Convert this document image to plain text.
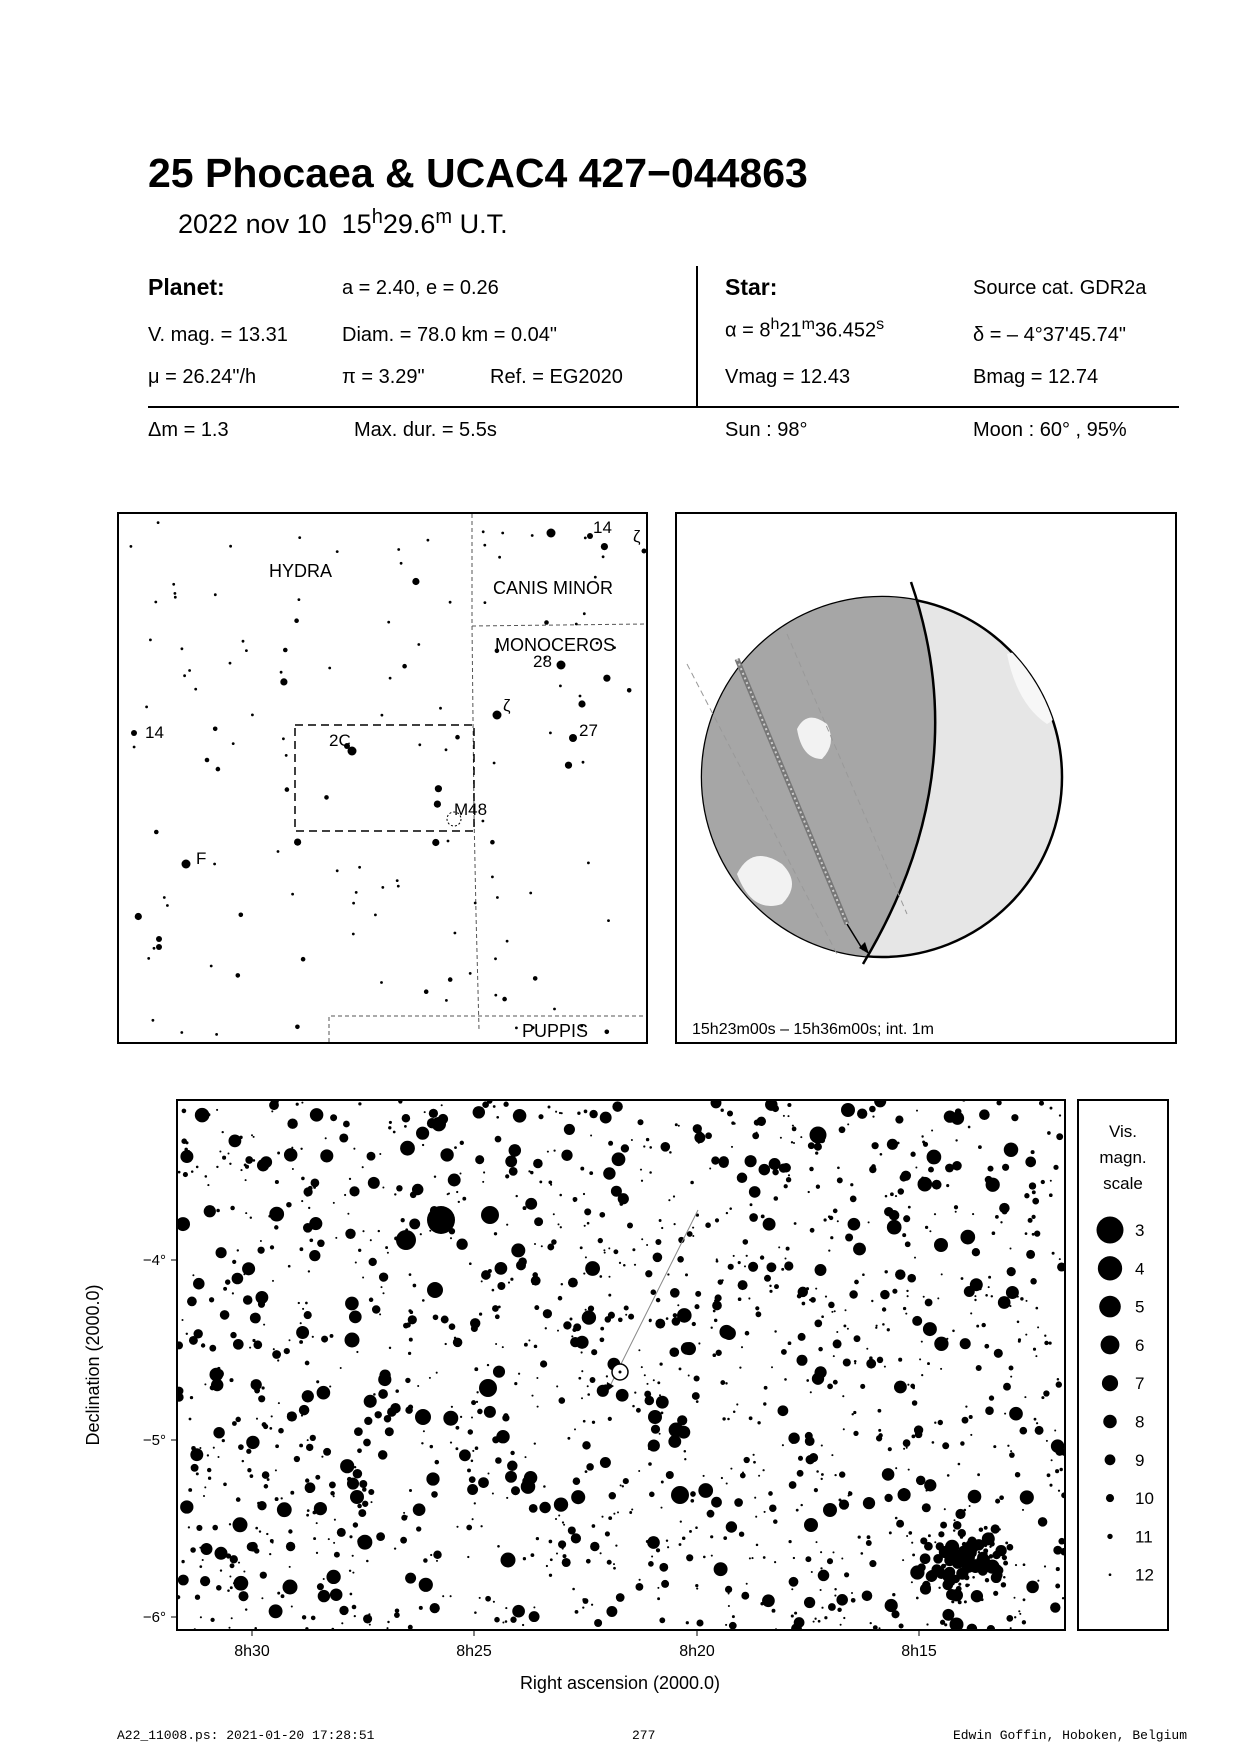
25 Phocaea & UCAC4 427−044863
2022 nov 10 15$^h$29.6$^m$ U.T.
Planet:	a = 2.40, e = 0.26
V. mag. = 13.31	Diam. = 78.0 km = 0.04"
μ = 26.24"/h	π = 3.29"	Ref. = EG2020
Star:	Source cat. GDR2a
$\alpha = 8^h21^m36.452^s$	δ = – 4°37'45.74"
Vmag = 12.43	Bmag = 12.74
Δm = 1.3	Max. dur. = 5.5s	Sun : 98°	Moon : 60° , 95%
HYDRA
CANIS MINOR
MONOCEROS
PUPPIS
28
14
14	27
ζ
ζ
2C
M48
F
15h23m00s – 15h36m00s; int. 1m
−4°
−5°
−6°
Declination (2000.0)
8h30	8h25	8h20	8h15
Right ascension (2000.0)
Vis.
magn.
scale
3
4
5
6
7
8
9
10
11
12
A22_11008.ps: 2021-01-20 17:28:51	277	Edwin Goffin, Hoboken, Belgium
